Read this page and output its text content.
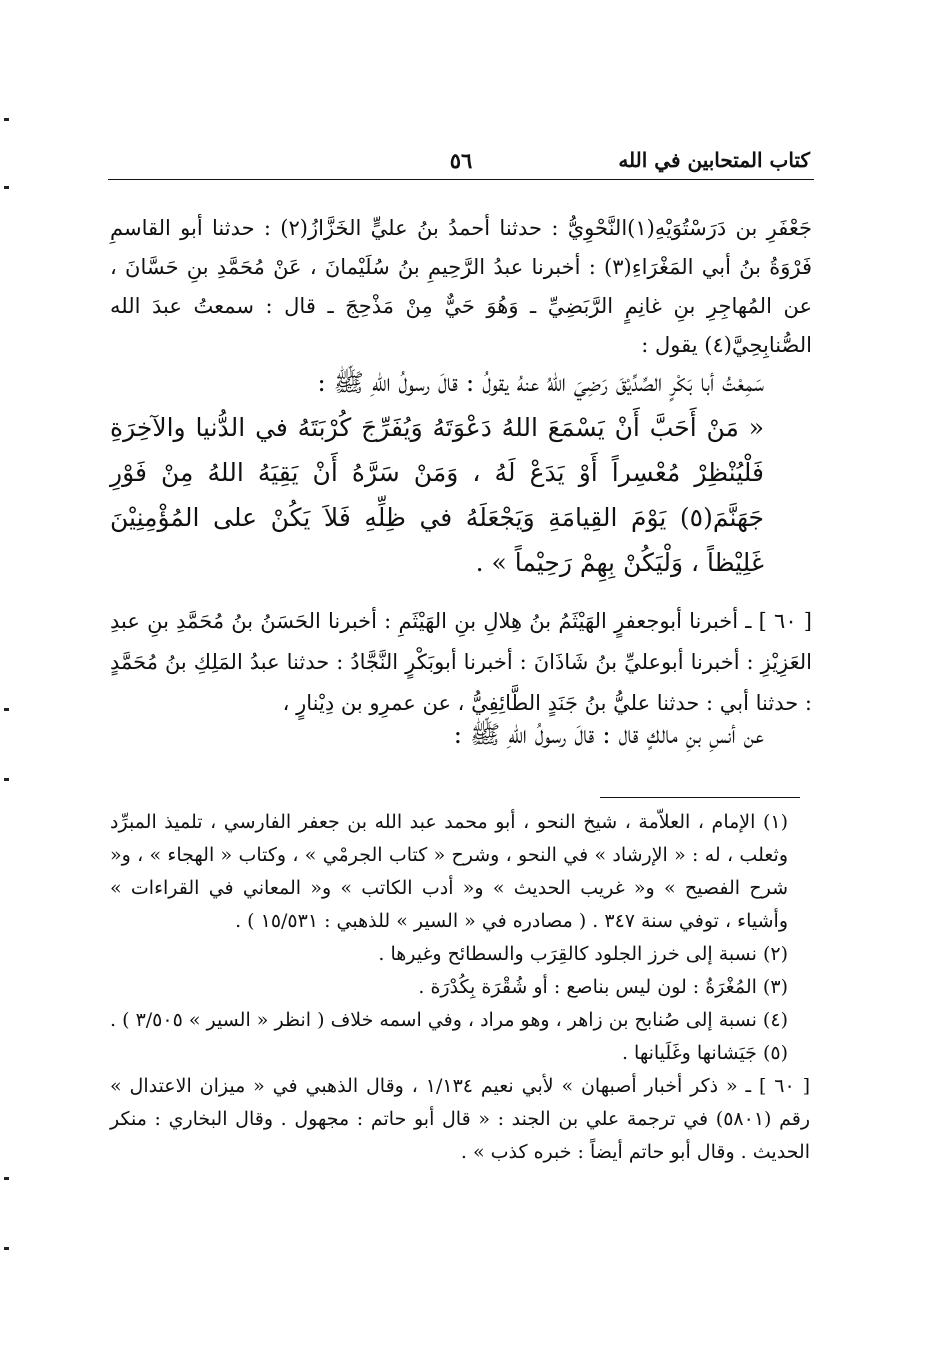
كتاب المتحابين في الله
٥٦

جَعْفَرِ بن دَرَسْتُوَيْهِ(١)النَّحْوِيُّ : حدثنا أحمدُ بنُ عليٍّ الخَزَّازُ(٢) : حدثنا أبو القاسمِ فَرْوَةُ بنُ أبي المَغْرَاءِ(٣) : أخبرنا عبدُ الرَّحِيمِ بنُ سُلَيْمانَ ، عَنْ مُحَمَّدِ بنِ حَسَّانَ ، عن المُهاجِرِ بنِ غانِمٍ الرَّبَضِيِّ ـ وَهُوَ حَيٌّ مِنْ مَذْحِجَ ـ قال : سمعتُ عبدَ الله الصُّنابِحِيَّ(٤) يقول :

سَمِعْتُ أبا بَكْرٍ الصِّدِّيْقَ رَضِيَ اللهُ عنهُ يقولُ : قالَ رسولُ اللهِ ﷺ :
« مَنْ أَحَبَّ أَنْ يَسْمَعَ اللهُ دَعْوَتَهُ وَيُفَرِّجَ كُرْبَتَهُ في الدُّنيا والآخِرَةِ فَلْيُنْظِرْ مُعْسِراً أَوْ يَدَعْ لَهُ ، وَمَنْ سَرَّهُ أَنْ يَقِيَهُ اللهُ مِنْ فَوْرِ جَهَنَّمَ(٥) يَوْمَ القِيامَةِ وَيَجْعَلَهُ في ظِلِّهِ فَلاَ يَكُنْ على المُؤْمِنِيْنَ غَلِيْظاً ، وَلْيَكُنْ بِهِمْ رَحِيْماً » .

[ ٦٠ ] ـ أخبرنا أبوجعفرٍ الهَيْثَمُ بنُ هِلالِ بنِ الهَيْثَمِ : أخبرنا الحَسَنُ بنُ مُحَمَّدِ بنِ عبدِ العَزِيْزِ : أخبرنا أبوعليِّ بنُ شَاذَانَ : أخبرنا أبوبَكْرٍ النَّجَّادُ : حدثنا عبدُ المَلِكِ بنُ مُحَمَّدٍ : حدثنا أبي : حدثنا عليُّ بنُ جَنَدٍ الطَّائِفِيُّ ، عن عمرِو بن دِيْنارٍ ،

عن أنسِ بنِ مالكٍ قال : قالَ رسولُ اللهِ ﷺ :

(١) الإمام ، العلاّمة ، شيخ النحو ، أبو محمد عبد الله بن جعفر الفارسي ، تلميذ المبرِّد وثعلب ، له : « الإرشاد » في النحو ، وشرح « كتاب الجرمْي » ، وكتاب « الهجاء » ، و« شرح الفصيح » و« غريب الحديث » و« أدب الكاتب » و« المعاني في القراءات » وأشياء ، توفي سنة ٣٤٧ . ( مصادره في « السير » للذهبي : ١٥/٥٣١ ) .

(٢) نسبة إلى خرز الجلود كالقِرَب والسطائح وغيرها .

(٣) المُغْرَةُ : لون ليس بناصع : أو شُقْرَة بِكُدْرَة .

(٤) نسبة إلى صُنابح بن زاهر ، وهو مراد ، وفي اسمه خلاف ( انظر « السير » ٣/٥٠٥ ) .

(٥) جَيَشانها وغَلَيانها .

[ ٦٠ ] ـ « ذكر أخبار أصبهان » لأبي نعيم ١/١٣٤ ، وقال الذهبي في « ميزان الاعتدال » رقم (٥٨٠١) في ترجمة علي بن الجند : « قال أبو حاتم : مجهول . وقال البخاري : منكر الحديث . وقال أبو حاتم أيضاً : خبره كذب » .
